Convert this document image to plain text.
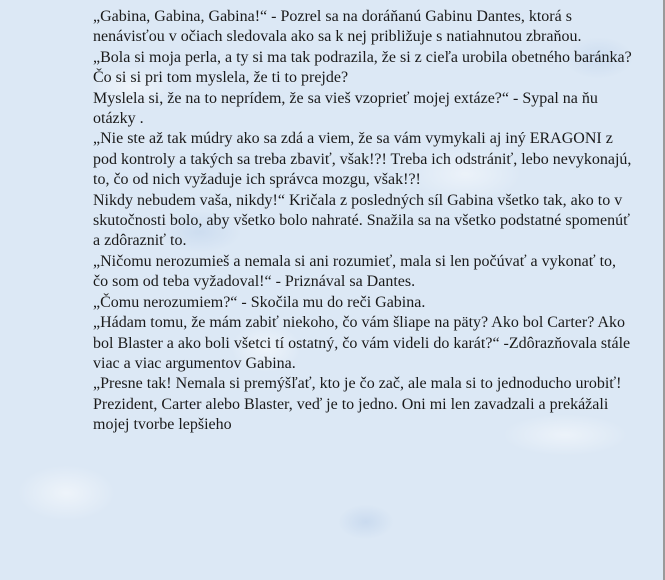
„Gabina, Gabina, Gabina!“ - Pozrel sa na doráňanú Gabinu Dantes, ktorá s nenávisťou v očiach sledovala ako sa k nej približuje s natiahnutou zbraňou.

„Bola si moja perla, a ty si ma tak podrazila, že si z cieľa urobila obetného baránka? Čo si si pri tom myslela, že ti to prejde?

Myslela si, že na to neprídem, že sa vieš vzoprieť mojej extáze?“ - Sypal na ňu otázky .

„Nie ste až tak múdry ako sa zdá a viem, že sa vám vymykali aj iný ERAGONI z pod kontroly a takých sa treba zbaviť, však!?! Treba ich odstrániť, lebo nevykonajú, to, čo od nich vyžaduje ich správca mozgu, však!?!

Nikdy nebudem vaša, nikdy!“ Kričala z posledných síl Gabina všetko tak, ako to v skutočnosti bolo, aby všetko bolo nahraté. Snažila sa na všetko podstatné spomenúť a zdôrazniť to.

„Ničomu nerozumieš a nemala si ani rozumieť, mala si len počúvať a vykonať to, čo som od teba vyžadoval!“ - Priznával sa Dantes.

„Čomu nerozumiem?“ - Skočila mu do reči Gabina.

„Hádam tomu, že mám zabiť niekoho, čo vám šliape na päty? Ako bol Carter? Ako bol Blaster a ako boli všetci tí ostatný, čo vám videli do karát?“ -Zdôrazňovala stále viac a viac argumentov Gabina.

„Presne tak! Nemala si premýšľať, kto je čo zač, ale mala si to jednoducho urobiť! Prezident, Carter alebo Blaster, veď je to jedno. Oni mi len zavadzali a prekážali mojej tvorbe lepšieho
